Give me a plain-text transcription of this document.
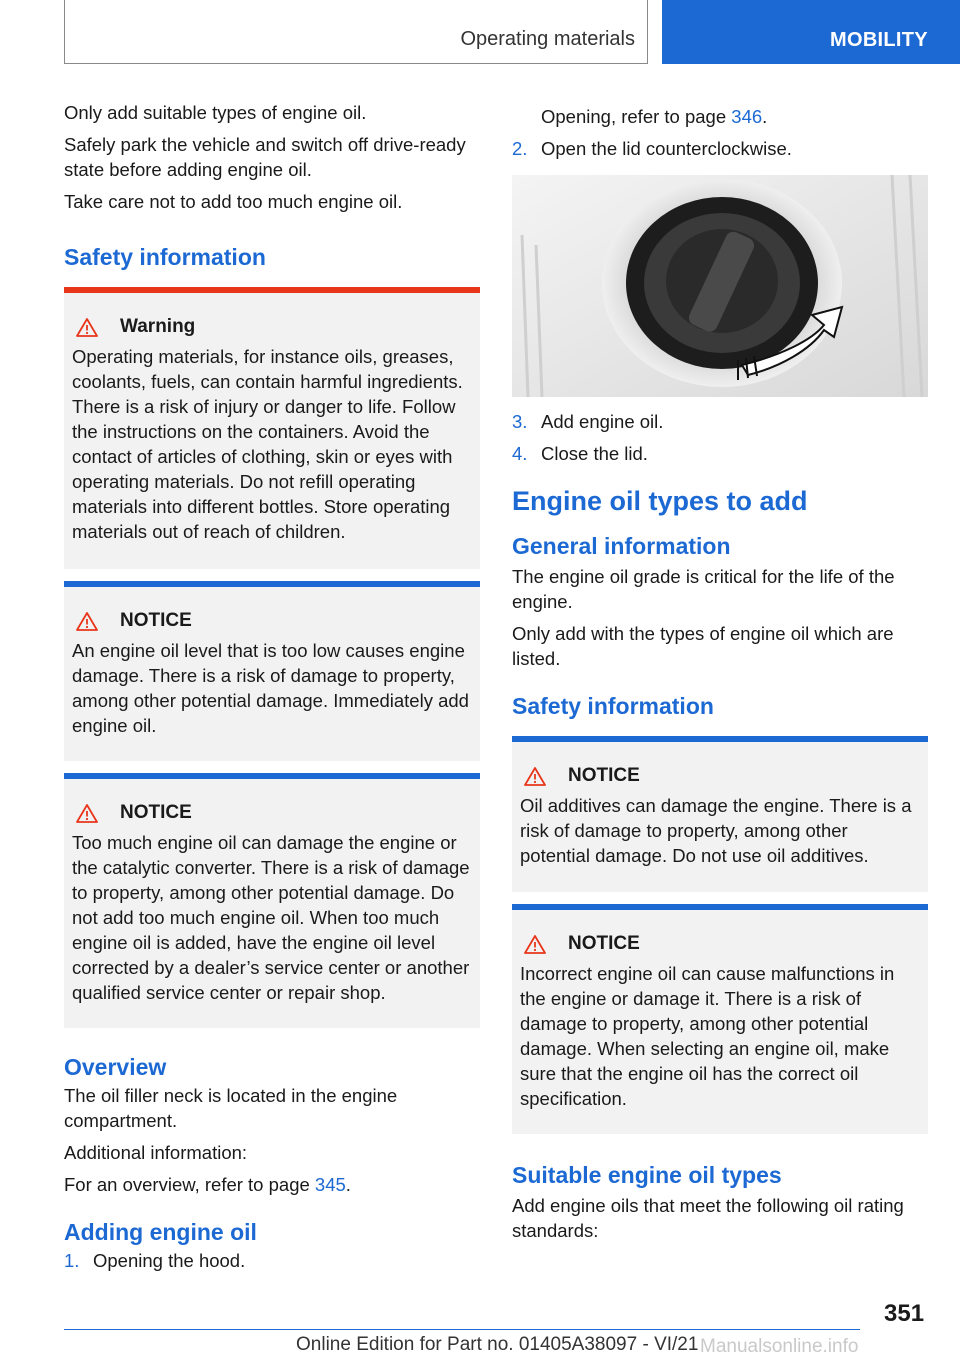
Operating materials	MOBILITY

Only add suitable types of engine oil.

Safely park the vehicle and switch off drive-ready state before adding engine oil.

Take care not to add too much engine oil.

Safety information
Warning

Operating materials, for instance oils, greases, coolants, fuels, can contain harmful ingredients. There is a risk of injury or danger to life. Follow the instructions on the containers. Avoid the contact of articles of clothing, skin or eyes with operating materials. Do not refill operating materials into different bottles. Store operating materials out of reach of children.

NOTICE

An engine oil level that is too low causes engine damage. There is a risk of damage to property, among other potential damage. Immediately add engine oil.

NOTICE

Too much engine oil can damage the engine or the catalytic converter. There is a risk of damage to property, among other potential damage. Do not add too much engine oil. When too much engine oil is added, have the engine oil level corrected by a dealer’s service center or another qualified service center or repair shop.

Overview

The oil filler neck is located in the engine compartment.

Additional information:

For an overview, refer to page 345.

Adding engine oil
1. Opening the hood.
Opening, refer to page 346.
2. Open the lid counterclockwise.
3. Add engine oil.
4. Close the lid.
Engine oil types to add
General information

The engine oil grade is critical for the life of the engine.

Only add with the types of engine oil which are listed.

Safety information
NOTICE

Oil additives can damage the engine. There is a risk of damage to property, among other potential damage. Do not use oil additives.

NOTICE

Incorrect engine oil can cause malfunctions in the engine or damage it. There is a risk of damage to property, among other potential damage. When selecting an engine oil, make sure that the engine oil has the correct oil specification.

Suitable engine oil types

Add engine oils that meet the following oil rating standards:

351
Online Edition for Part no. 01405A38097 - VI/21 Manualsonline.info
